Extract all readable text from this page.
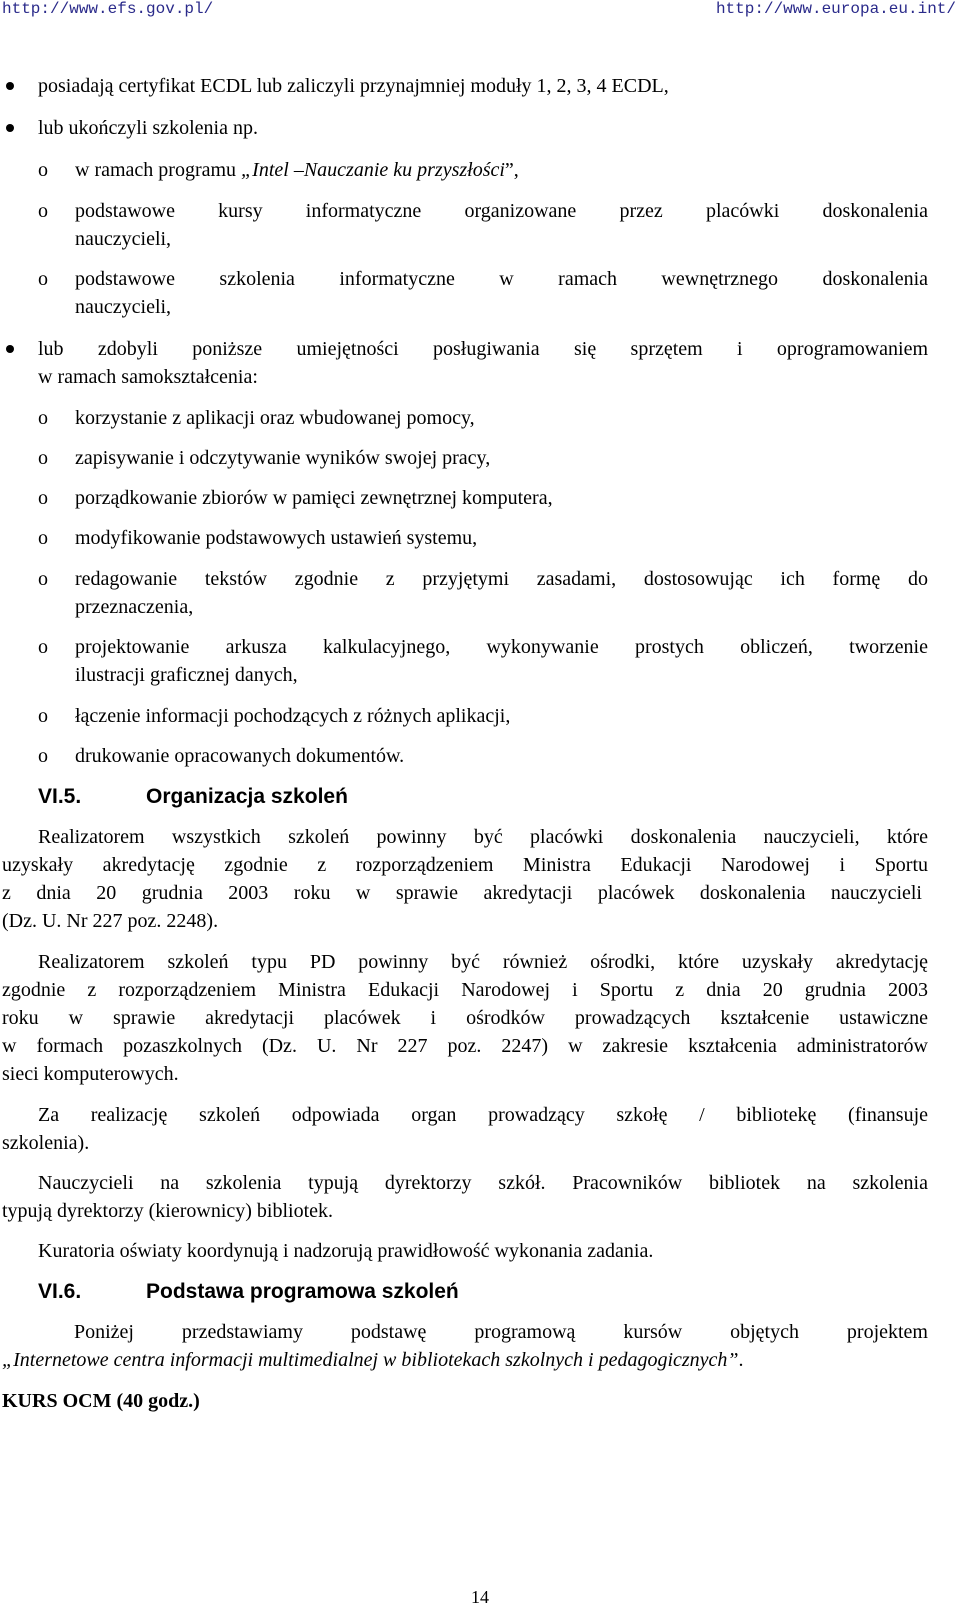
http://www.efs.gov.pl/	http://www.europa.eu.int/
posiadają certyfikat ECDL lub zaliczyli przynajmniej moduły 1, 2, 3, 4 ECDL,
lub ukończyli szkolenia np.
o w ramach programu „Intel –Nauczanie ku przyszłości”,
o podstawowe kursy informatyczne organizowane przez placówki doskonalenia
nauczycieli,
o podstawowe szkolenia informatyczne w ramach wewnętrznego doskonalenia
nauczycieli,
lub zdobyli poniższe umiejętności posługiwania się sprzętem i oprogramowaniem
w ramach samokształcenia:
o korzystanie z aplikacji oraz wbudowanej pomocy,
o zapisywanie i odczytywanie wyników swojej pracy,
o porządkowanie zbiorów w pamięci zewnętrznej komputera,
o modyfikowanie podstawowych ustawień systemu,
o redagowanie tekstów zgodnie z przyjętymi zasadami, dostosowując ich formę do
przeznaczenia,
o projektowanie arkusza kalkulacyjnego, wykonywanie prostych obliczeń, tworzenie
ilustracji graficznej danych,
o łączenie informacji pochodzących z różnych aplikacji,
o drukowanie opracowanych dokumentów.
VI.5.	Organizacja szkoleń
Realizatorem wszystkich szkoleń powinny być placówki doskonalenia nauczycieli, które
uzyskały akredytację zgodnie z rozporządzeniem Ministra Edukacji Narodowej i Sportu
z dnia 20 grudnia 2003 roku w sprawie akredytacji placówek doskonalenia nauczycieli
(Dz. U. Nr 227 poz. 2248).
Realizatorem szkoleń typu PD powinny być również ośrodki, które uzyskały akredytację
zgodnie z rozporządzeniem Ministra Edukacji Narodowej i Sportu z dnia 20 grudnia 2003
roku w sprawie akredytacji placówek i ośrodków prowadzących kształcenie ustawiczne
w formach pozaszkolnych (Dz. U. Nr 227 poz. 2247) w zakresie kształcenia administratorów
sieci komputerowych.
Za realizację szkoleń odpowiada organ prowadzący szkołę / bibliotekę (finansuje
szkolenia).
Nauczycieli na szkolenia typują dyrektorzy szkół. Pracowników bibliotek na szkolenia
typują dyrektorzy (kierownicy) bibliotek.
Kuratoria oświaty koordynują i nadzorują prawidłowość wykonania zadania.
VI.6.	Podstawa programowa szkoleń
Poniżej przedstawiamy podstawę programową kursów objętych projektem
„Internetowe centra informacji multimedialnej w bibliotekach szkolnych i pedagogicznych”.
KURS OCM (40 godz.)
14
